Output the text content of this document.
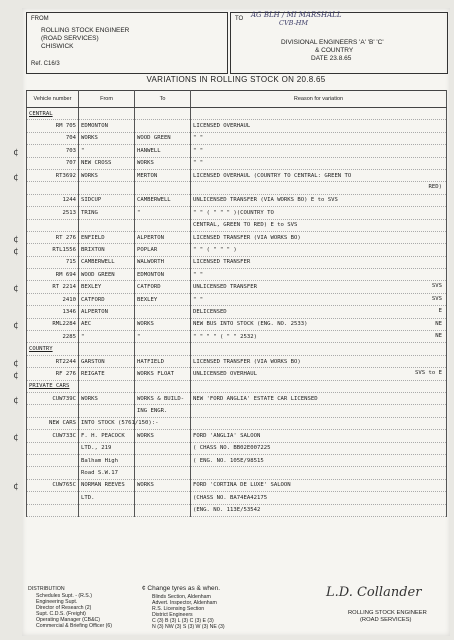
FROM
ROLLING STOCK ENGINEER
(ROAD SERVICES)
CHISWICK
Ref. C16/3
TO AG BLH / MI MARSHALL
CVB-HM
DIVISIONAL ENGINEERS 'A' 'B' 'C'
& COUNTRY
DATE 23.8.65
VARIATIONS IN ROLLING STOCK ON 20.8.65
Vehicle number	From	To	Reason for variation
CENTRAL			
RM 705	EDMONTON		LICENSED OVERHAUL

704	WORKS	WOOD GREEN	" "

¢ 703	"	HANWELL	" "

707	NEW CROSS	WORKS	" "

¢ RT3692	WORKS	MERTON	LICENSED OVERHAUL (COUNTRY TO CENTRAL: GREEN TO

			RED)

1244	SIDCUP	CAMBERWELL	UNLICENSED TRANSFER (VIA WORKS BO) E to SVS

2513	TRING	"	" " ( " " " )(COUNTRY TO

			CENTRAL, GREEN TO RED) E to SVS

¢ RT 276	ENFIELD	ALPERTON	LICENSED TRANSFER (VIA WORKS BO)

¢ RTL1556	BRIXTON	POPLAR	" " ( " " " )

715	CAMBERWELL	WALWORTH	LICENSED TRANSFER

RM 694	WOOD GREEN	EDMONTON	" "

¢ RT 2214	BEXLEY	CATFORD	UNLICENSED TRANSFER SVS

2410	CATFORD	BEXLEY	" " SVS

1346	ALPERTON		DELICENSED E

¢ RML2284	AEC	WORKS	NEW BUS INTO STOCK (ENG. NO. 2533) NE

2285	"	"	" " " " ( " " 2532) NE

COUNTRY			

¢ RT2244	GARSTON	HATFIELD	LICENSED TRANSFER (VIA WORKS BO)

¢ RF 276	REIGATE	WORKS FLOAT	UNLICENSED OVERHAUL SVS to E

PRIVATE CARS			

¢ CUW739C	WORKS	WORKS & BUILD-	NEW 'FORD ANGLIA' ESTATE CAR LICENSED

		ING ENGR.	

NEW CARS	INTO STOCK (5761/150):-		

¢ CUW733C	F. H. PEACOCK	WORKS	FORD 'ANGLIA' SALOON

	LTD., 219		( CHASS NO. BB02E007225

	Balham High		( ENG. NO. 105E/98515

	Road S.W.17		

¢ CUW765C	NORMAN REEVES	WORKS	FORD 'CORTINA DE LUXE' SALOON

	LTD.		(CHASS NO. BA74EA42175

			(ENG. NO. 113E/53542
DISTRIBUTION
Schedules Supt. - (R.S.)
Engineering Supt.
Director of Research (2)
Supt. C.D.S. (Freight)
Operating Manager (CB&C)
Commercial & Briefing Officer (6)
¢ Change tyres as & when.
Blinds Section, Aldenham
Advert. Inspector, Aldenham
R.S. Licensing Section
District Engineers
C (3) B (3) L (3) C (3) E (3)
N (3) NW (3) S (3) W (3) NE (3)
L.D. Collander
ROLLING STOCK ENGINEER
(ROAD SERVICES)
